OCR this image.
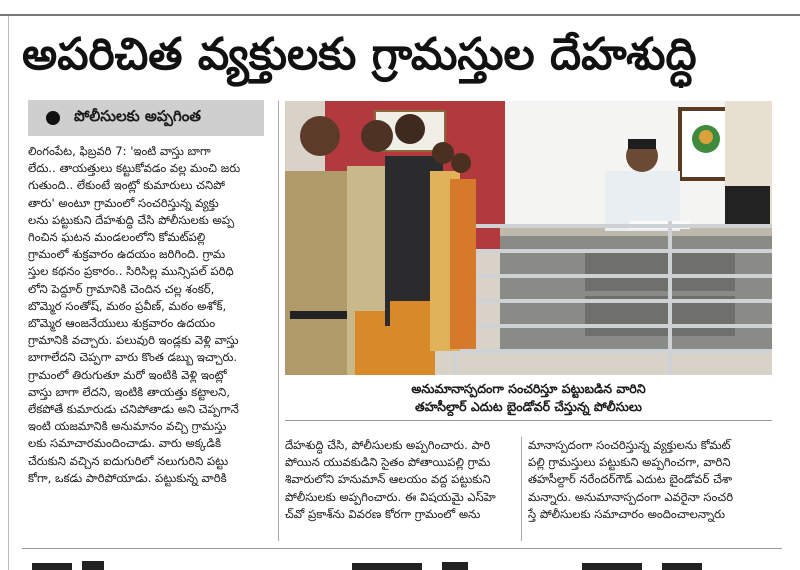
అపరిచిత వ్యక్తులకు గ్రామస్తుల దేహశుద్ధి
పోలీసులకు అప్పగింత

లింగంపేట, ఫిబ్రవరి 7: 'ఇంటి వాస్తు బాగా

లేదు.. తాయత్తులు కట్టుకోవడం వల్ల మంచి జరు

గుతుంది.. లేకుంటే ఇంట్లో కుమారులు చనిపో

తారు' అంటూ గ్రామంలో సంచరిస్తున్న వ్యక్తు

లను పట్టుకుని దేహశుద్ధి చేసి పోలీసులకు అప్ప

గించిన ఘటన మండలంలోని కోమట్‌పల్లి

గ్రామంలో శుక్రవారం ఉదయం జరిగింది. గ్రామ

స్తుల కథనం ప్రకారం.. సిరిసిల్ల మున్సిపల్ పరిధి

లోని పెద్దూర్ గ్రామానికి చెందిన చల్ల శంకర్,

బొమ్మెర సంతోష్, మఠం ప్రవీణ్, మఠం అశోక్,

బొమ్మెర ఆంజనేయులు శుక్రవారం ఉదయం

గ్రామానికి వచ్చారు. పలువురి ఇండ్లకు వెళ్లి వాస్తు

బాగాలేదని చెప్పగా వారు కొంత డబ్బు ఇచ్చారు.

గ్రామంలో తిరుగుతూ మరో ఇంటికి వెళ్లి ఇంట్లో

వాస్తు బాగా లేదని, ఇంటికి తాయత్తు కట్టాలని,

లేకపోతే కుమారుడు చనిపోతాడు అని చెప్పగానే

ఇంటి యజమానికి అనుమానం వచ్చి గ్రామస్తు

లకు సమాచారమందించాడు. వారు అక్కడికి

చేరుకుని వచ్చిన ఐదుగురిలో నలుగురిని పట్టు

కోగా, ఒకడు పారిపోయాడు. పట్టుకున్న వారికి

అనుమానాస్పదంగా సంచరిస్తూ పట్టుబడిన వారిని

తహసీల్దార్ ఎదుట బైండోవర్ చేస్తున్న పోలీసులు

దేహశుద్ధి చేసి, పోలీసులకు అప్పగించారు. పారి

పోయిన యువకుడిని సైతం పోతాయిపల్లి గ్రామ

శివారులోని హనుమాన్ ఆలయం వద్ద పట్టుకుని

పోలీసులకు అప్పగించారు. ఈ విషయమై ఎస్‌హె

చ్‌వో ప్రకాశ్‌ను వివరణ కోరగా గ్రామంలో అను

మానాస్పదంగా సంచరిస్తున్న వ్యక్తులను కోమట్

పల్లి గ్రామస్తులు పట్టుకుని అప్పగించగా, వారిని

తహసీల్దార్ నరేందర్‌గౌడ్ ఎదుట బైండోవర్ చేశా

మన్నారు. అనుమానాస్పదంగా ఎవరైనా సంచరి

స్తే పోలీసులకు సమాచారం అందించాలన్నారు
